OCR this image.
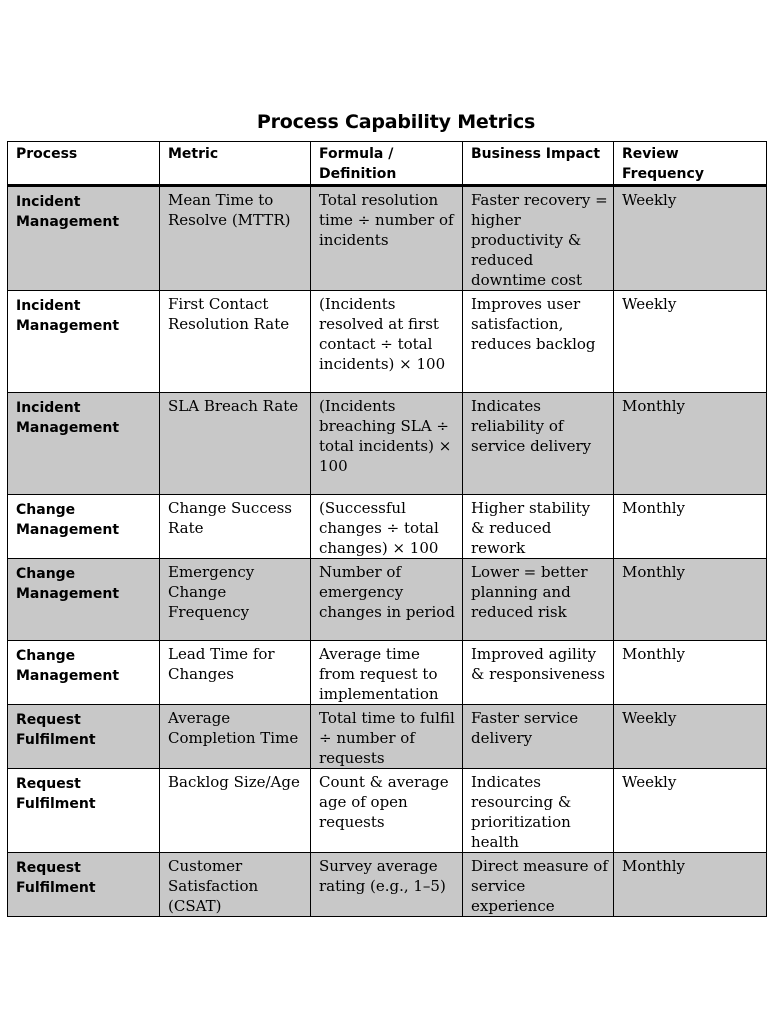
Process Capability Metrics
Process	Metric	Formula / Definition	Business Impact	Review Frequency
Incident Management	Mean Time to Resolve (MTTR)	Total resolution time ÷ number of incidents	Faster recovery = higher productivity & reduced downtime cost	Weekly
Incident Management	First Contact Resolution Rate	(Incidents resolved at first contact ÷ total incidents) × 100	Improves user satisfaction, reduces backlog	Weekly
Incident Management	SLA Breach Rate	(Incidents breaching SLA ÷ total incidents) × 100	Indicates reliability of service delivery	Monthly
Change Management	Change Success Rate	(Successful changes ÷ total changes) × 100	Higher stability & reduced rework	Monthly
Change Management	Emergency Change Frequency	Number of emergency changes in period	Lower = better planning and reduced risk	Monthly
Change Management	Lead Time for Changes	Average time from request to implementation	Improved agility & responsiveness	Monthly
Request Fulfilment	Average Completion Time	Total time to fulfil ÷ number of requests	Faster service delivery	Weekly
Request Fulfilment	Backlog Size/Age	Count & average age of open requests	Indicates resourcing & prioritization health	Weekly
Request Fulfilment	Customer Satisfaction (CSAT)	Survey average rating (e.g., 1–5)	Direct measure of service experience	Monthly
